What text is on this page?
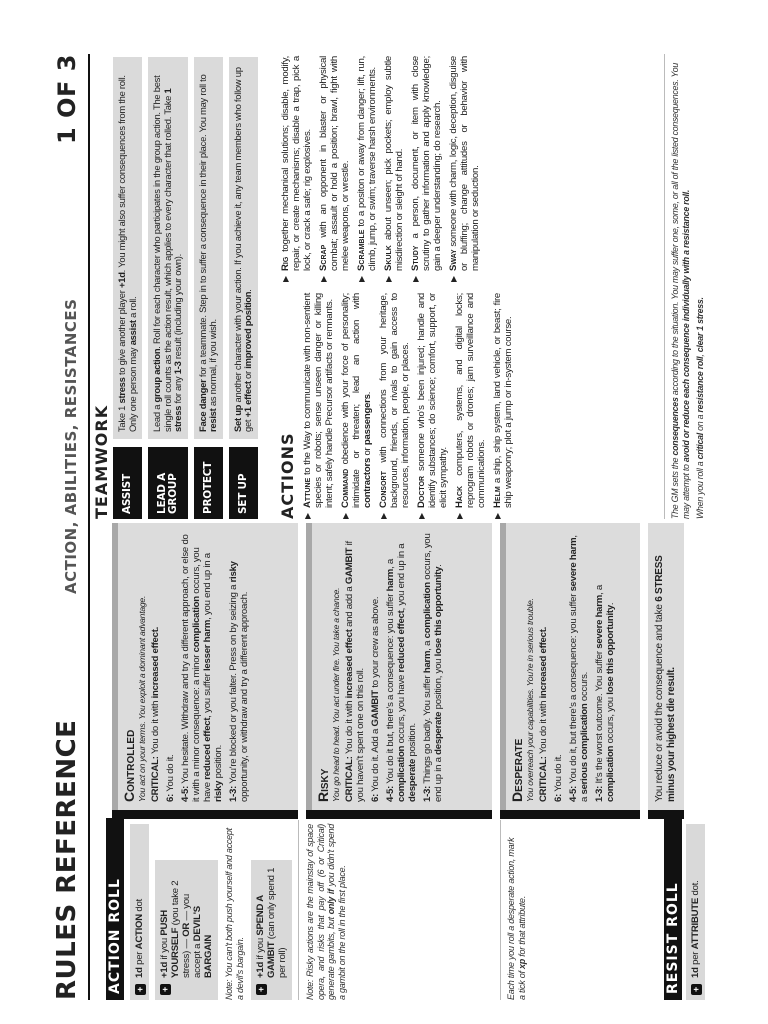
RULES REFERENCE
ACTION, ABILITIES, RESISTANCES
1 OF 3
ACTION ROLL +
1d per ACTION dot
+
+1d if you PUSH YOURSELF (you take 2 stress) — OR — you accept a DEVIL'S BARGAIN	Note: You can't both push yourself and accept a devil's bargain. +
+1d if you SPEND A GAMBIT (can only spend 1 per roll)	Note: Risky actions are the mainstay of space opera, and risks that pay off (6 or Critical) generate gambits, but only if you didn't spend a gambit on the roll in the first place.	Each time you roll a desperate action, mark a tick of xp for that attribute.	RESIST ROLL +
1d per ATTRIBUTE dot.
Controlled You act on your terms. You exploit a dominant advantage. CRITICAL: You do it with increased effect.

6: You do it. 4-5: You hesitate. Withdraw and try a different approach, or else do it with a minor consequence: a minor complication occurs, you have reduced effect, you suffer lesser harm, you end up in a risky position.

1-3: You're blocked or you falter. Press on by seizing a risky opportunity, or withdraw and try a different approach.	Risky You go head to head. You act under fire. You take a chance. CRITICAL: You do it with increased effect and add a GAMBIT if you haven't spent one on this roll. 6: You do it. Add a GAMBIT to your crew as above.

4-5: You do it but, there's a consequence: you suffer harm, a complication occurs, you have reduced effect, you end up in a desperate position.

1-3: Things go badly. You suffer harm, a complication occurs, you end up in a desperate position, you lose this opportunity.

Desperate You overreach your capabilities. You're in serious trouble. CRITICAL: You do it with increased effect.

6: You do it. 4-5: You do it, but there's a consequence: you suffer severe harm, a serious complication occurs.

1-3: It's the worst outcome. You suffer severe harm, a complication occurs, you lose this opportunity.	You reduce or avoid the consequence and take 6 STRESS minus your highest die result.
TEAMWORK ASSIST
Take 1 stress to give another player +1d. You might also suffer consequences from the roll. Only one person may assist a roll.
LEAD A GROUP
Lead a group action. Roll for each character who participates in the group action. The best single roll counts as the action result, which applies to every character that rolled. Take 1 stress for any 1-3 result (including your own).
PROTECT
Face danger for a teammate. Step in to suffer a consequence in their place. You may roll to resist as normal, if you wish.
SET UP
Set up another character with your action. If you achieve it, any team members who follow up get +1 effect or improved position.
ACTIONS ▶
Attune to the Way to communicate with non-sentient species or robots; sense unseen danger or killing intent; safely handle Precursor artifacts or remnants.
▶
Command obedience with your force of personality; intimidate or threaten; lead an action with contractors or passengers.
▶
Consort with connections from your heritage, background, friends, or rivals to gain access to resources, information, people, or places.
▶
Doctor someone who's been injured; handle and identify substances; do science; comfort, support, or elicit sympathy.
▶
Hack computers, systems, and digital locks; reprogram robots or drones; jam surveillance and communications.
▶
Helm a ship, ship system, land vehicle, or beast; fire ship weaponry; plot a jump or in-system course.
▶
Rig together mechanical solutions; disable, modify, repair, or create mechanisms; disable a trap, pick a lock, or crack a safe; rig explosives.
▶
Scrap with an opponent in blaster or physical combat; assault or hold a position; brawl, fight with melee weapons, or wrestle.
▶
Scramble to a positon or away from danger; lift, run, climb, jump, or swim; traverse harsh environments.
▶
Skulk about unseen; pick pockets; employ subtle misdirection or sleight of hand.
▶
Study a person, document, or item with close scrutiny to gather information and apply knowledge; gain a deeper understanding; do research.
▶
Sway someone with charm, logic, deception, disguise or bluffing; change attitudes or behavior with manipulation or seduction.

The GM sets the consequences according to the situation. You may suffer one, some, or all of the listed consequences. You may attempt to avoid or reduce each consequence individually with a resistance roll.

When you roll a critical on a resistance roll, clear 1 stress.
